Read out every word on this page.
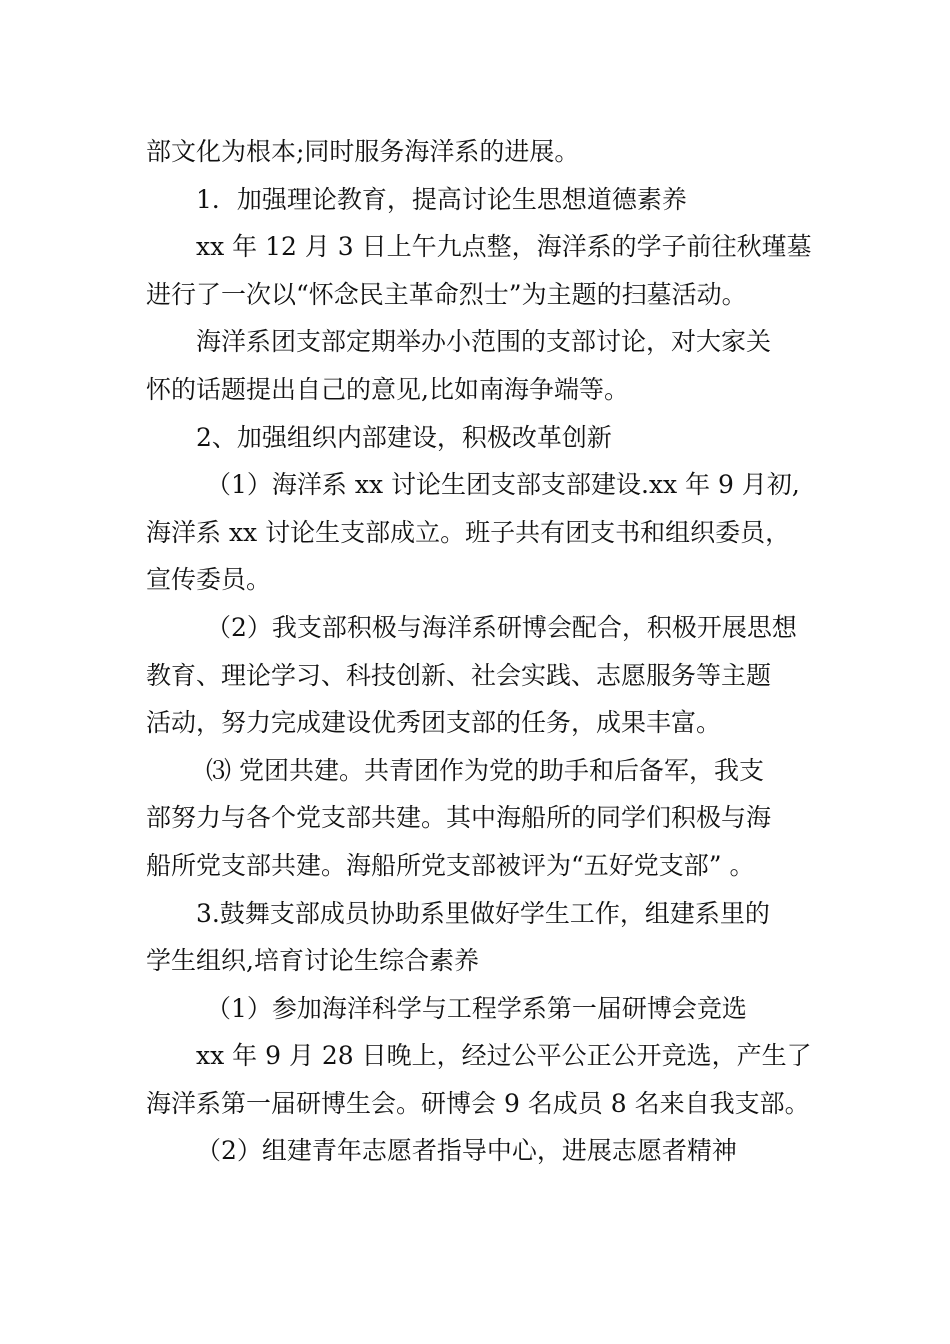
部文化为根本;同时服务海洋系的进展。
1．加强理论教育，提高讨论生思想道德素养
xx 年 12 月 3 日上午九点整，海洋系的学子前往秋瑾墓
进行了一次以“怀念民主革命烈士”为主题的扫墓活动。
海洋系团支部定期举办小范围的支部讨论，对大家关
怀的话题提出自己的意见,比如南海争端等。
2、加强组织内部建设，积极改革创新
（1）海洋系 xx 讨论生团支部支部建设.xx 年 9 月初,
海洋系 xx 讨论生支部成立。班子共有团支书和组织委员，
宣传委员。
（2）我支部积极与海洋系研博会配合，积极开展思想
教育、理论学习、科技创新、社会实践、志愿服务等主题
活动，努力完成建设优秀团支部的任务，成果丰富。
⑶ 党团共建。共青团作为党的助手和后备军，我支
部努力与各个党支部共建。其中海船所的同学们积极与海
船所党支部共建。海船所党支部被评为“五好党支部” 。
3.鼓舞支部成员协助系里做好学生工作，组建系里的
学生组织,培育讨论生综合素养
（1）参加海洋科学与工程学系第一届研博会竞选
xx 年 9 月 28 日晚上，经过公平公正公开竞选，产生了
海洋系第一届研博生会。研博会 9 名成员 8 名来自我支部。
（2）组建青年志愿者指导中心，进展志愿者精神
